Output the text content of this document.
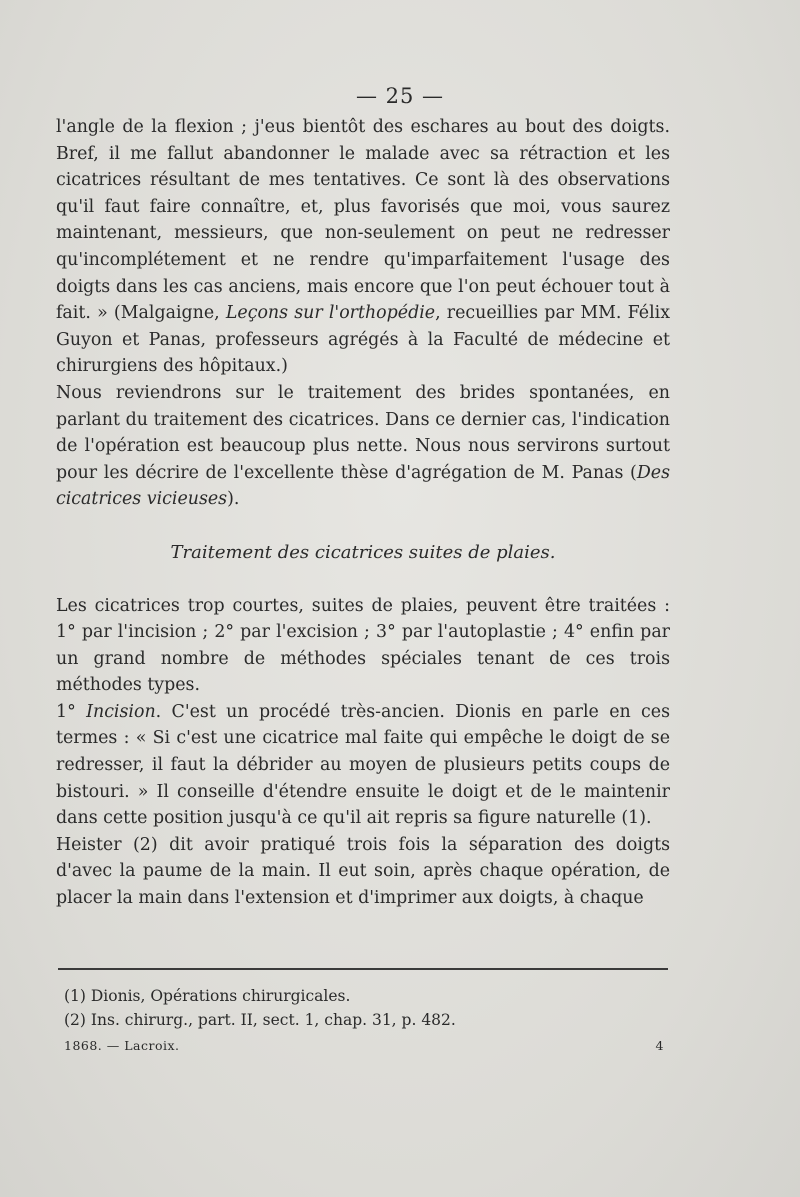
— 25 —

l'angle de la flexion ; j'eus bientôt des eschares au bout des doigts. Bref, il me fallut abandonner le malade avec sa rétraction et les cicatrices résultant de mes tentatives. Ce sont là des observations qu'il faut faire connaître, et, plus favorisés que moi, vous saurez maintenant, messieurs, que non-seulement on peut ne redresser qu'incomplétement et ne rendre qu'imparfaitement l'usage des doigts dans les cas anciens, mais encore que l'on peut échouer tout à fait. » (Malgaigne, Leçons sur l'orthopédie, recueillies par MM. Félix Guyon et Panas, professeurs agrégés à la Faculté de médecine et chirurgiens des hôpitaux.)

Nous reviendrons sur le traitement des brides spontanées, en parlant du traitement des cicatrices. Dans ce dernier cas, l'indication de l'opération est beaucoup plus nette. Nous nous servirons surtout pour les décrire de l'excellente thèse d'agrégation de M. Panas (Des cicatrices vicieuses).

Traitement des cicatrices suites de plaies.

Les cicatrices trop courtes, suites de plaies, peuvent être traitées : 1° par l'incision ; 2° par l'excision ; 3° par l'autoplastie ; 4° enfin par un grand nombre de méthodes spéciales tenant de ces trois méthodes types.

1° Incision. C'est un procédé très-ancien. Dionis en parle en ces termes : « Si c'est une cicatrice mal faite qui empêche le doigt de se redresser, il faut la débrider au moyen de plusieurs petits coups de bistouri. » Il conseille d'étendre ensuite le doigt et de le maintenir dans cette position jusqu'à ce qu'il ait repris sa figure naturelle (1).

Heister (2) dit avoir pratiqué trois fois la séparation des doigts d'avec la paume de la main. Il eut soin, après chaque opération, de placer la main dans l'extension et d'imprimer aux doigts, à chaque

(1) Dionis, Opérations chirurgicales.

(2) Ins. chirurg., part. II, sect. 1, chap. 31, p. 482.

1868. — Lacroix.	4
